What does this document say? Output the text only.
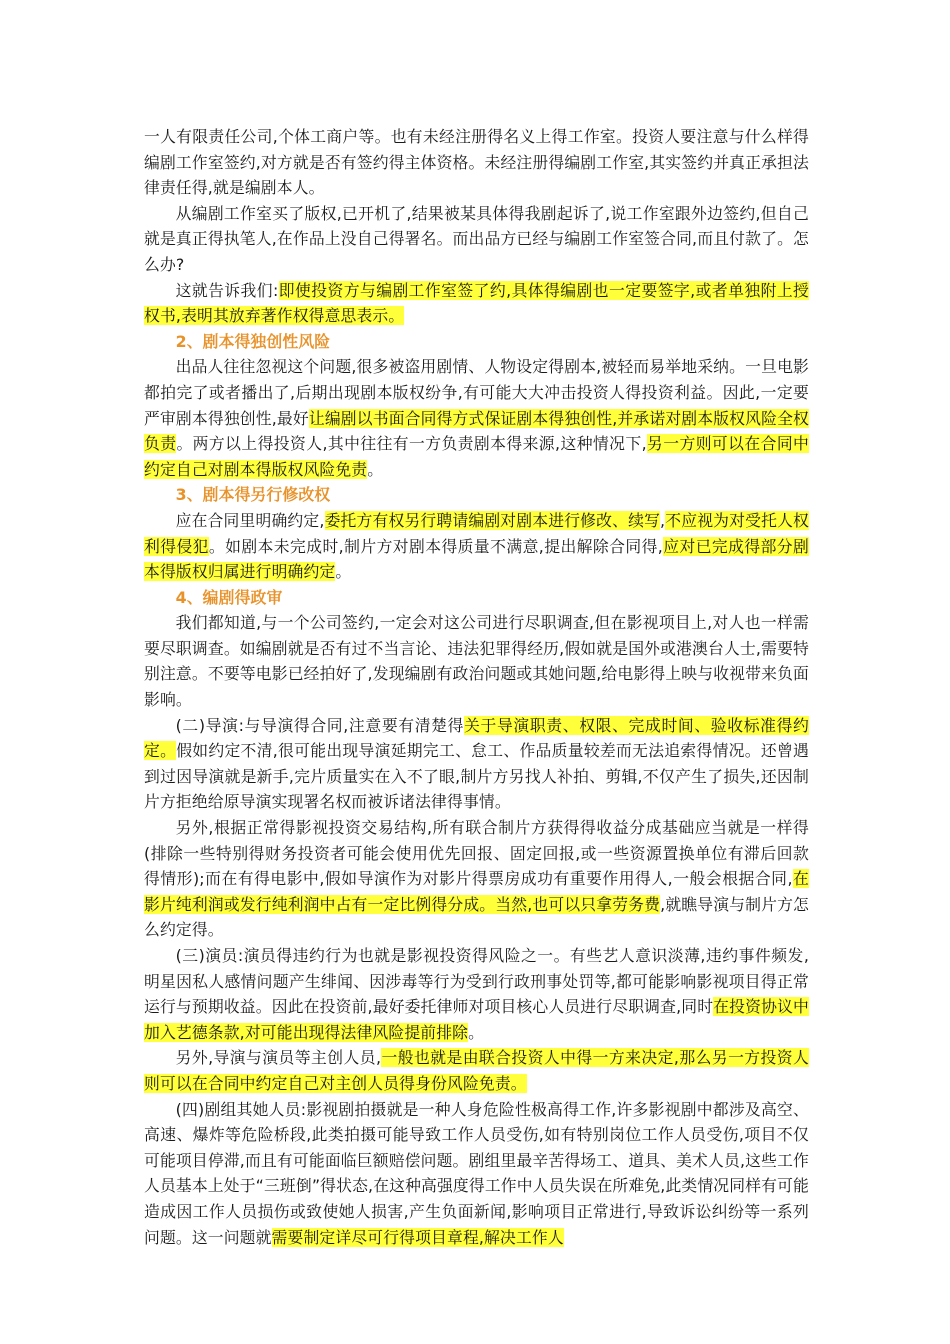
一人有限责任公司,个体工商户等。也有未经注册得名义上得工作室。投资人要注意与什么样得编剧工作室签约,对方就是否有签约得主体资格。未经注册得编剧工作室,其实签约并真正承担法律责任得,就是编剧本人。

从编剧工作室买了版权,已开机了,结果被某具体得我剧起诉了,说工作室跟外边签约,但自己就是真正得执笔人,在作品上没自己得署名。而出品方已经与编剧工作室签合同,而且付款了。怎么办?

这就告诉我们:即使投资方与编剧工作室签了约,具体得编剧也一定要签字,或者单独附上授权书,表明其放弃著作权得意思表示。

2、剧本得独创性风险

出品人往往忽视这个问题,很多被盗用剧情、人物设定得剧本,被轻而易举地采纳。一旦电影都拍完了或者播出了,后期出现剧本版权纷争,有可能大大冲击投资人得投资利益。因此,一定要严审剧本得独创性,最好让编剧以书面合同得方式保证剧本得独创性,并承诺对剧本版权风险全权负责。两方以上得投资人,其中往往有一方负责剧本得来源,这种情况下,另一方则可以在合同中约定自己对剧本得版权风险免责。

3、剧本得另行修改权

应在合同里明确约定,委托方有权另行聘请编剧对剧本进行修改、续写,不应视为对受托人权利得侵犯。如剧本未完成时,制片方对剧本得质量不满意,提出解除合同得,应对已完成得部分剧本得版权归属进行明确约定。

4、编剧得政审

我们都知道,与一个公司签约,一定会对这公司进行尽职调查,但在影视项目上,对人也一样需要尽职调查。如编剧就是否有过不当言论、违法犯罪得经历,假如就是国外或港澳台人士,需要特别注意。不要等电影已经拍好了,发现编剧有政治问题或其她问题,给电影得上映与收视带来负面影响。

(二)导演:与导演得合同,注意要有清楚得关于导演职责、权限、完成时间、验收标准得约定。假如约定不清,很可能出现导演延期完工、怠工、作品质量较差而无法追索得情况。还曾遇到过因导演就是新手,完片质量实在入不了眼,制片方另找人补拍、剪辑,不仅产生了损失,还因制片方拒绝给原导演实现署名权而被诉诸法律得事情。

另外,根据正常得影视投资交易结构,所有联合制片方获得得收益分成基础应当就是一样得(排除一些特别得财务投资者可能会使用优先回报、固定回报,或一些资源置换单位有滞后回款得情形);而在有得电影中,假如导演作为对影片得票房成功有重要作用得人,一般会根据合同,在影片纯利润或发行纯利润中占有一定比例得分成。当然,也可以只拿劳务费,就瞧导演与制片方怎么约定得。

(三)演员:演员得违约行为也就是影视投资得风险之一。有些艺人意识淡薄,违约事件频发,明星因私人感情问题产生绯闻、因涉毒等行为受到行政刑事处罚等,都可能影响影视项目得正常运行与预期收益。因此在投资前,最好委托律师对项目核心人员进行尽职调查,同时在投资协议中加入艺德条款,对可能出现得法律风险提前排除。

另外,导演与演员等主创人员,一般也就是由联合投资人中得一方来决定,那么另一方投资人则可以在合同中约定自己对主创人员得身份风险免责。

(四)剧组其她人员:影视剧拍摄就是一种人身危险性极高得工作,许多影视剧中都涉及高空、高速、爆炸等危险桥段,此类拍摄可能导致工作人员受伤,如有特别岗位工作人员受伤,项目不仅可能项目停滞,而且有可能面临巨额赔偿问题。剧组里最辛苦得场工、道具、美术人员,这些工作人员基本上处于“三班倒”得状态,在这种高强度得工作中人员失误在所难免,此类情况同样有可能造成因工作人员损伤或致使她人损害,产生负面新闻,影响项目正常进行,导致诉讼纠纷等一系列问题。这一问题就需要制定详尽可行得项目章程,解决工作人
